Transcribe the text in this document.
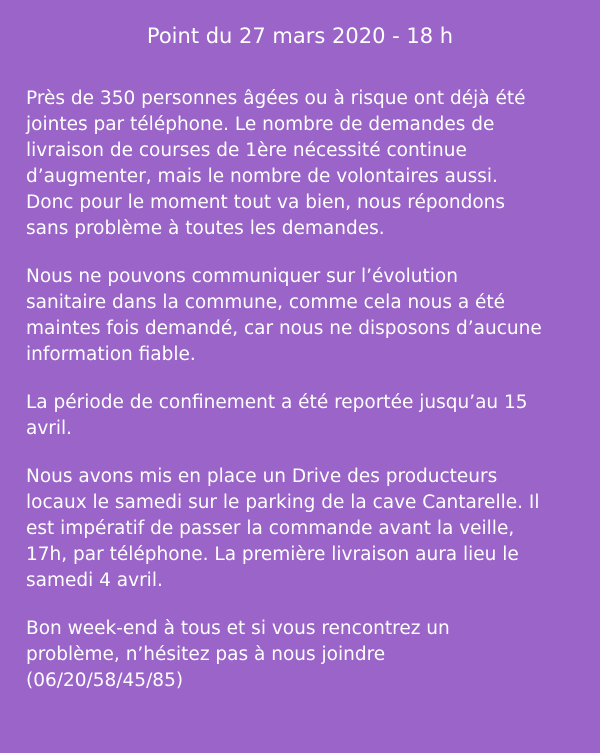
Point du 27 mars 2020 - 18 h

Près de 350 personnes âgées ou à risque ont déjà été
jointes par téléphone. Le nombre de demandes de
livraison de courses de 1ère nécessité continue
d’augmenter, mais le nombre de volontaires aussi.
Donc pour le moment tout va bien, nous répondons
sans problème à toutes les demandes.

Nous ne pouvons communiquer sur l’évolution
sanitaire dans la commune, comme cela nous a été
maintes fois demandé, car nous ne disposons d’aucune
information fiable.

La période de confinement a été reportée jusqu’au 15
avril.

Nous avons mis en place un Drive des producteurs
locaux le samedi sur le parking de la cave Cantarelle. Il
est impératif de passer la commande avant la veille,
17h, par téléphone. La première livraison aura lieu le
samedi 4 avril.

Bon week-end à tous et si vous rencontrez un
problème, n’hésitez pas à nous joindre
(06/20/58/45/85)
